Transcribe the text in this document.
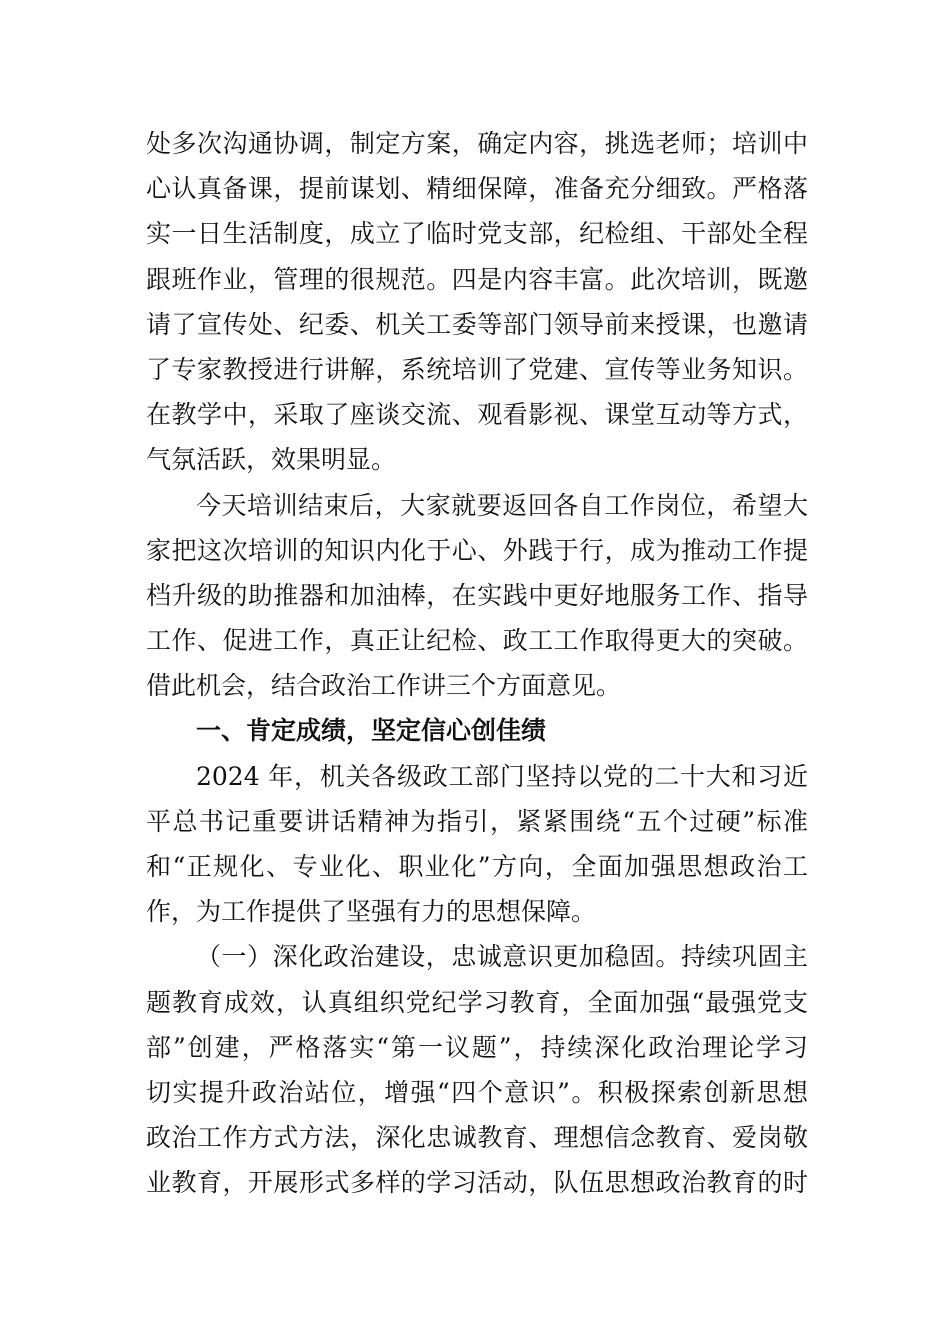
处多次沟通协调，制定方案，确定内容，挑选老师；培训中
心认真备课，提前谋划、精细保障，准备充分细致。严格落
实一日生活制度，成立了临时党支部，纪检组、干部处全程
跟班作业，管理的很规范。四是内容丰富。此次培训，既邀
请了宣传处、纪委、机关工委等部门领导前来授课，也邀请
了专家教授进行讲解，系统培训了党建、宣传等业务知识。
在教学中，采取了座谈交流、观看影视、课堂互动等方式，
气氛活跃，效果明显。
今天培训结束后，大家就要返回各自工作岗位，希望大
家把这次培训的知识内化于心、外践于行，成为推动工作提
档升级的助推器和加油棒，在实践中更好地服务工作、指导
工作、促进工作，真正让纪检、政工工作取得更大的突破。
借此机会，结合政治工作讲三个方面意见。
一、肯定成绩，坚定信心创佳绩
2024 年，机关各级政工部门坚持以党的二十大和习近
平总书记重要讲话精神为指引，紧紧围绕“五个过硬”标准
和“正规化、专业化、职业化”方向，全面加强思想政治工
作，为工作提供了坚强有力的思想保障。
（一）深化政治建设，忠诚意识更加稳固。持续巩固主
题教育成效，认真组织党纪学习教育，全面加强“最强党支
部”创建，严格落实“第一议题”，持续深化政治理论学习
切实提升政治站位，增强“四个意识”。积极探索创新思想
政治工作方式方法，深化忠诚教育、理想信念教育、爱岗敬
业教育，开展形式多样的学习活动，队伍思想政治教育的时
